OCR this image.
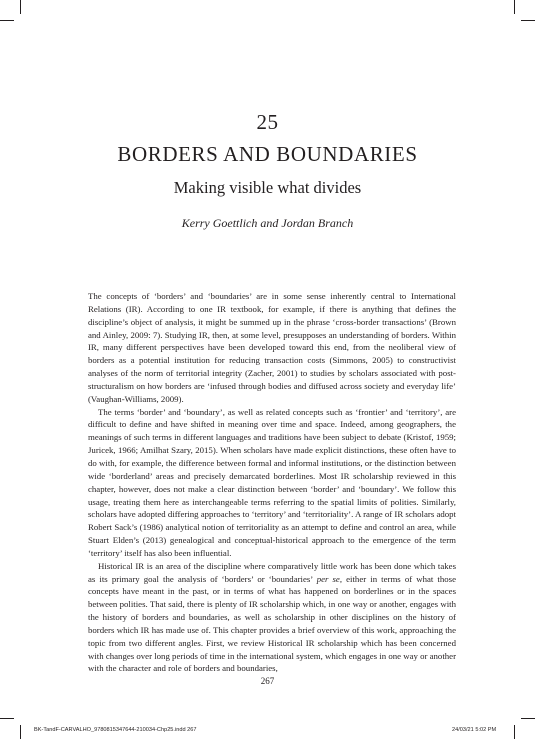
25
BORDERS AND BOUNDARIES
Making visible what divides
Kerry Goettlich and Jordan Branch

The concepts of ‘borders’ and ‘boundaries’ are in some sense inherently central to International Relations (IR). According to one IR textbook, for example, if there is anything that defines the discipline’s object of analysis, it might be summed up in the phrase ‘cross-border transactions’ (Brown and Ainley, 2009: 7). Studying IR, then, at some level, presupposes an understanding of borders. Within IR, many different perspectives have been developed toward this end, from the neoliberal view of borders as a potential institution for reducing transaction costs (Simmons, 2005) to constructivist analyses of the norm of territorial integrity (Zacher, 2001) to studies by scholars associated with post-structuralism on how borders are ‘infused through bodies and diffused across society and everyday life’ (Vaughan-Williams, 2009).

The terms ‘border’ and ‘boundary’, as well as related concepts such as ‘frontier’ and ‘territory’, are difficult to define and have shifted in meaning over time and space. Indeed, among geographers, the meanings of such terms in different languages and traditions have been subject to debate (Kristof, 1959; Juricek, 1966; Amilhat Szary, 2015). When scholars have made explicit distinctions, these often have to do with, for example, the difference between formal and informal institutions, or the distinction between wide ‘borderland’ areas and precisely demarcated borderlines. Most IR scholarship reviewed in this chapter, however, does not make a clear distinction between ‘border’ and ‘boundary’. We follow this usage, treating them here as interchangeable terms referring to the spatial limits of polities. Similarly, scholars have adopted differing approaches to ‘territory’ and ‘territoriality’. A range of IR scholars adopt Robert Sack’s (1986) analytical notion of territoriality as an attempt to define and control an area, while Stuart Elden’s (2013) genealogical and conceptual-historical approach to the emergence of the term ‘territory’ itself has also been influential.

Historical IR is an area of the discipline where comparatively little work has been done which takes as its primary goal the analysis of ‘borders’ or ‘boundaries’ per se, either in terms of what those concepts have meant in the past, or in terms of what has happened on borderlines or in the spaces between polities. That said, there is plenty of IR scholarship which, in one way or another, engages with the history of borders and boundaries, as well as scholarship in other disciplines on the history of borders which IR has made use of. This chapter provides a brief overview of this work, approaching the topic from two different angles. First, we review Historical IR scholarship which has been concerned with changes over long periods of time in the international system, which engages in one way or another with the character and role of borders and boundaries,

267
BK-TandF-CARVALHO_9780815347644-210034-Chp25.indd 267	24/03/21 5:02 PM
